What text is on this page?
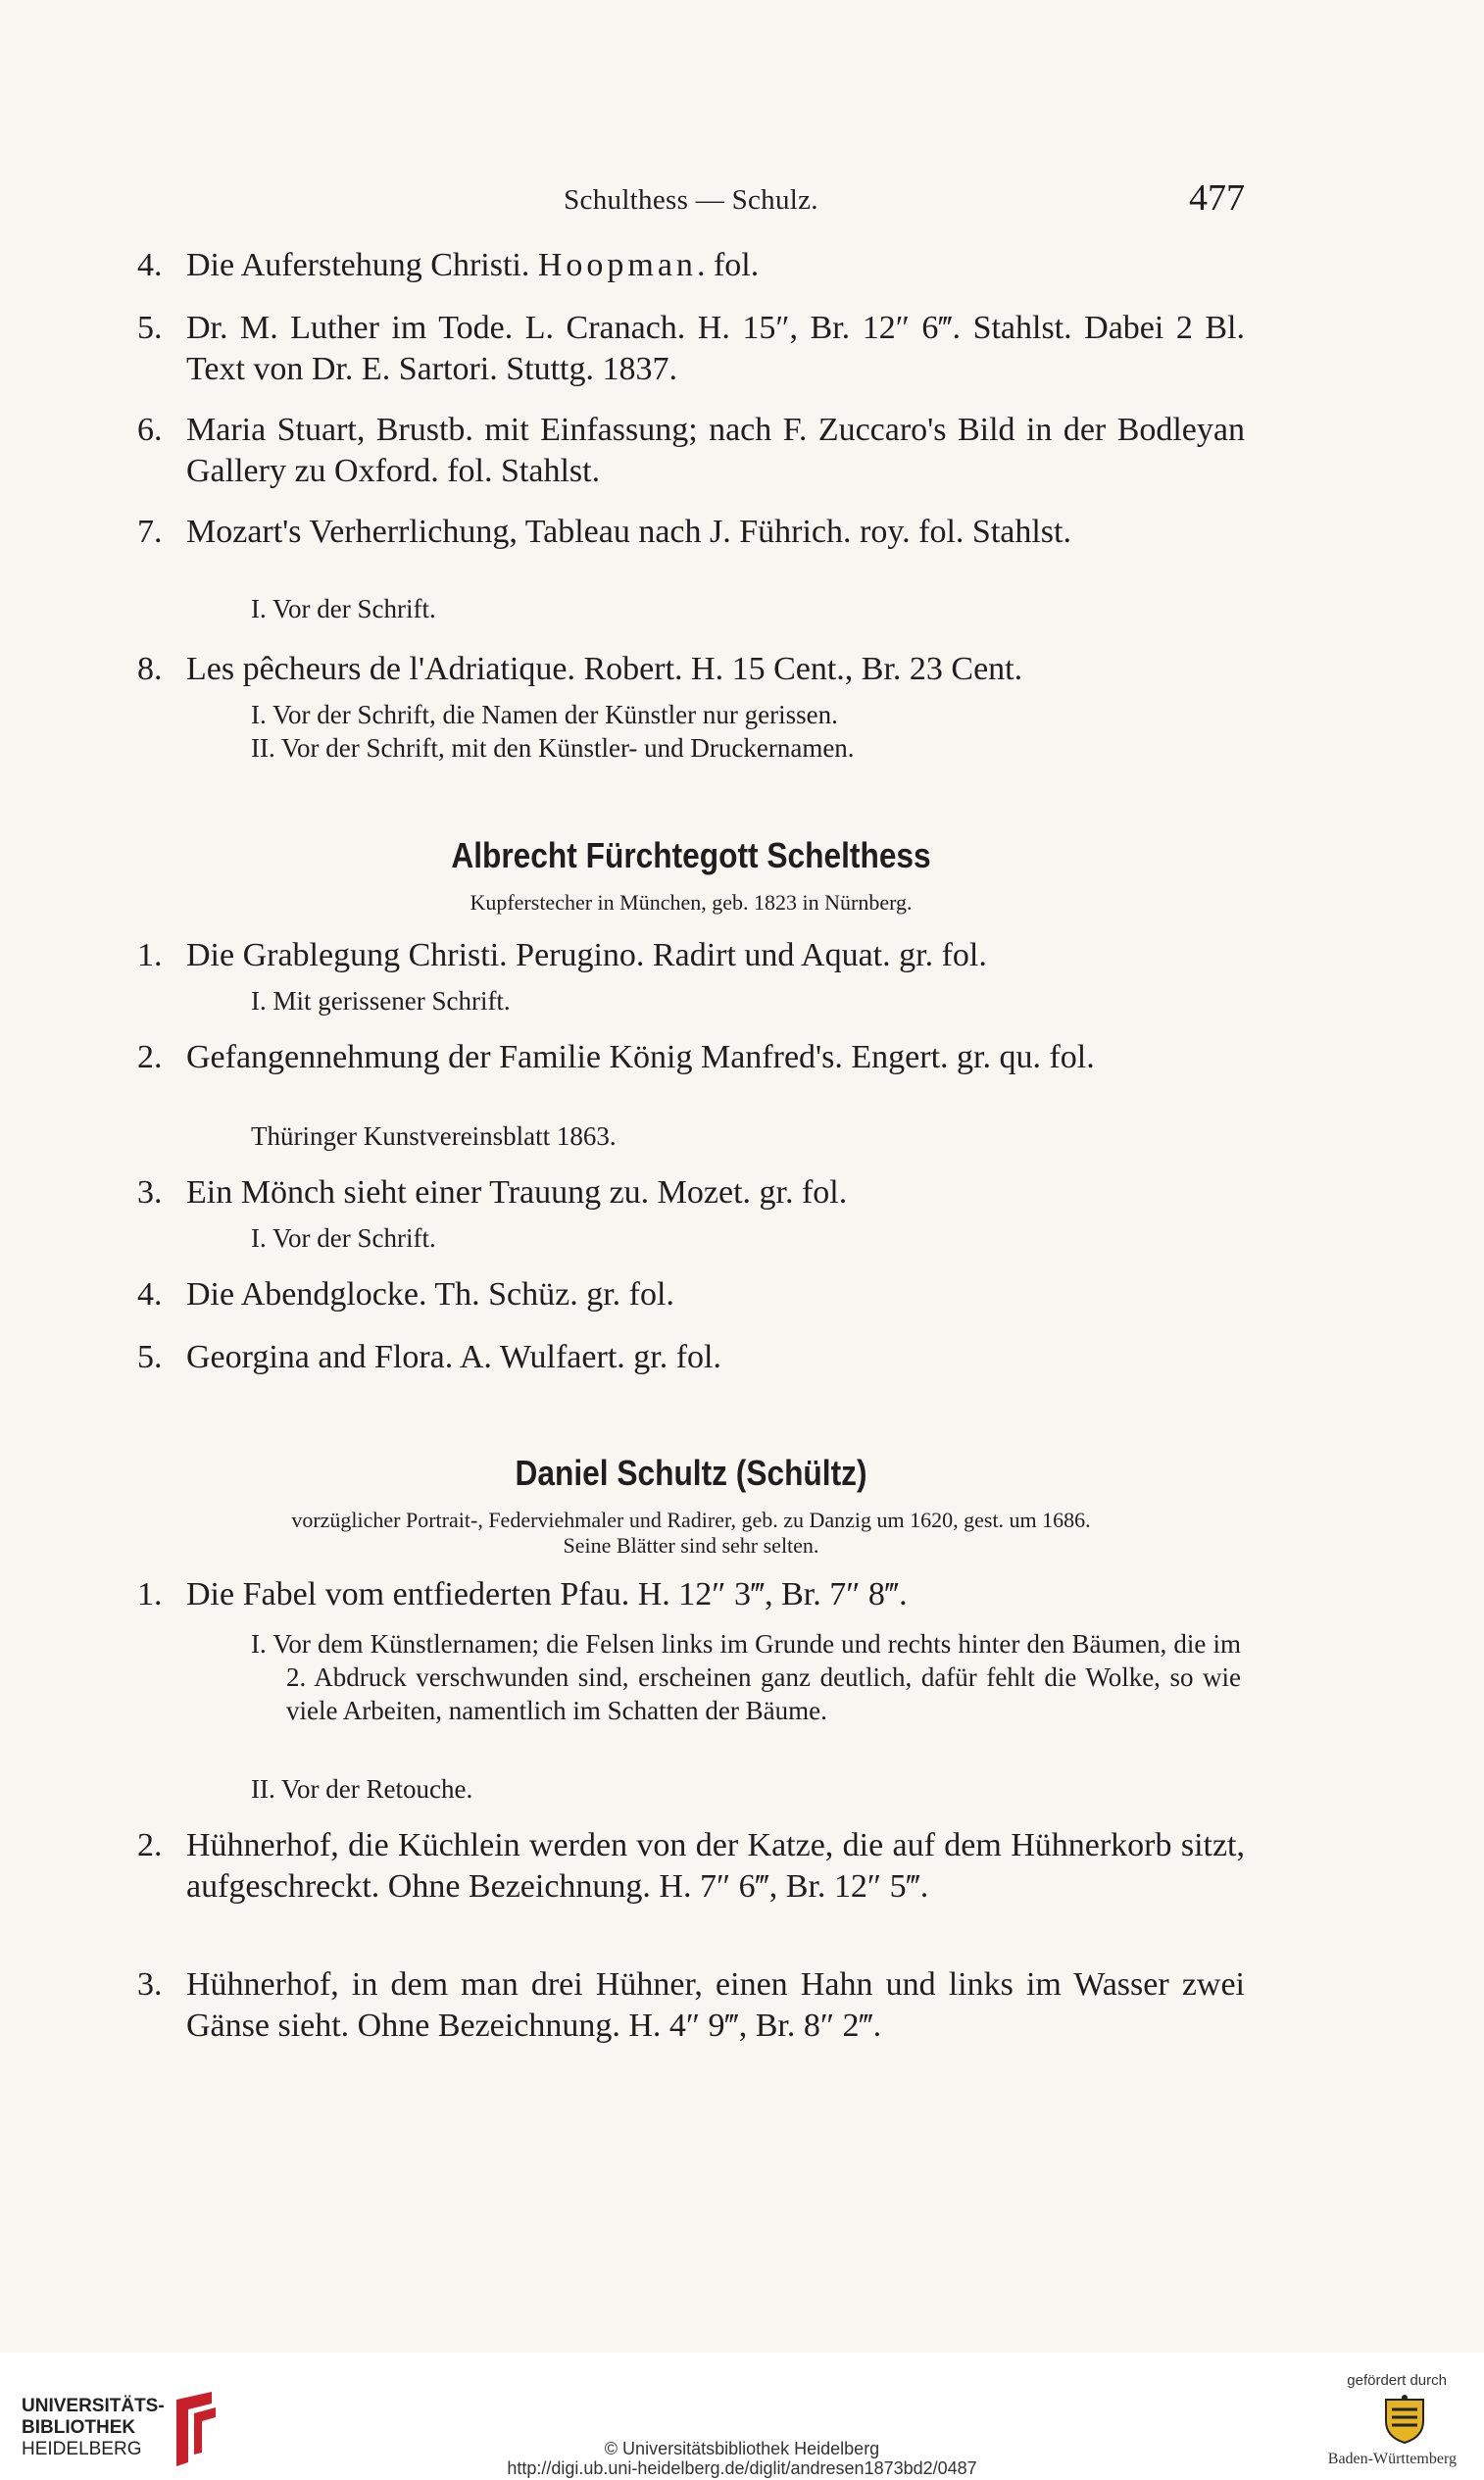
Schulthess — Schulz.	477
4. Die Auferstehung Christi. Hoopman. fol.
5. Dr. M. Luther im Tode. L. Cranach. H. 15″, Br. 12″ 6‴. Stahlst. Dabei 2 Bl. Text von Dr. E. Sartori. Stuttg. 1837.
6. Maria Stuart, Brustb. mit Einfassung; nach F. Zuccaro's Bild in der Bodleyan Gallery zu Oxford. fol. Stahlst.
7. Mozart's Verherrlichung, Tableau nach J. Führich. roy. fol. Stahlst.
I. Vor der Schrift.
8. Les pêcheurs de l'Adriatique. Robert. H. 15 Cent., Br. 23 Cent.
I. Vor der Schrift, die Namen der Künstler nur gerissen.
II. Vor der Schrift, mit den Künstler- und Druckernamen.
Albrecht Fürchtegott Schelthess
Kupferstecher in München, geb. 1823 in Nürnberg.
1. Die Grablegung Christi. Perugino. Radirt und Aquat. gr. fol.
I. Mit gerissener Schrift.
2. Gefangennehmung der Familie König Manfred's. Engert. gr. qu. fol.
Thüringer Kunstvereinsblatt 1863.
3. Ein Mönch sieht einer Trauung zu. Mozet. gr. fol.
I. Vor der Schrift.
4. Die Abendglocke. Th. Schüz. gr. fol.
5. Georgina and Flora. A. Wulfaert. gr. fol.
Daniel Schultz (Schültz)
vorzüglicher Portrait-, Federviehmaler und Radirer, geb. zu Danzig um 1620, gest. um 1686.
Seine Blätter sind sehr selten.
1. Die Fabel vom entfiederten Pfau. H. 12″ 3‴, Br. 7″ 8‴.
I. Vor dem Künstlernamen; die Felsen links im Grunde und rechts hinter den Bäumen, die im 2. Abdruck verschwunden sind, erscheinen ganz deutlich, dafür fehlt die Wolke, so wie viele Arbeiten, namentlich im Schatten der Bäume.
II. Vor der Retouche.
2. Hühnerhof, die Küchlein werden von der Katze, die auf dem Hühnerkorb sitzt, aufgeschreckt. Ohne Bezeichnung. H. 7″ 6‴, Br. 12″ 5‴.
3. Hühnerhof, in dem man drei Hühner, einen Hahn und links im Wasser zwei Gänse sieht. Ohne Bezeichnung. H. 4″ 9‴, Br. 8″ 2‴.
UNIVERSITÄTS-
BIBLIOTHEK
HEIDELBERG	© Universitätsbibliothek Heidelberg
http://digi.ub.uni-heidelberg.de/diglit/andresen1873bd2/0487
gefördert durch
Baden-Württemberg
